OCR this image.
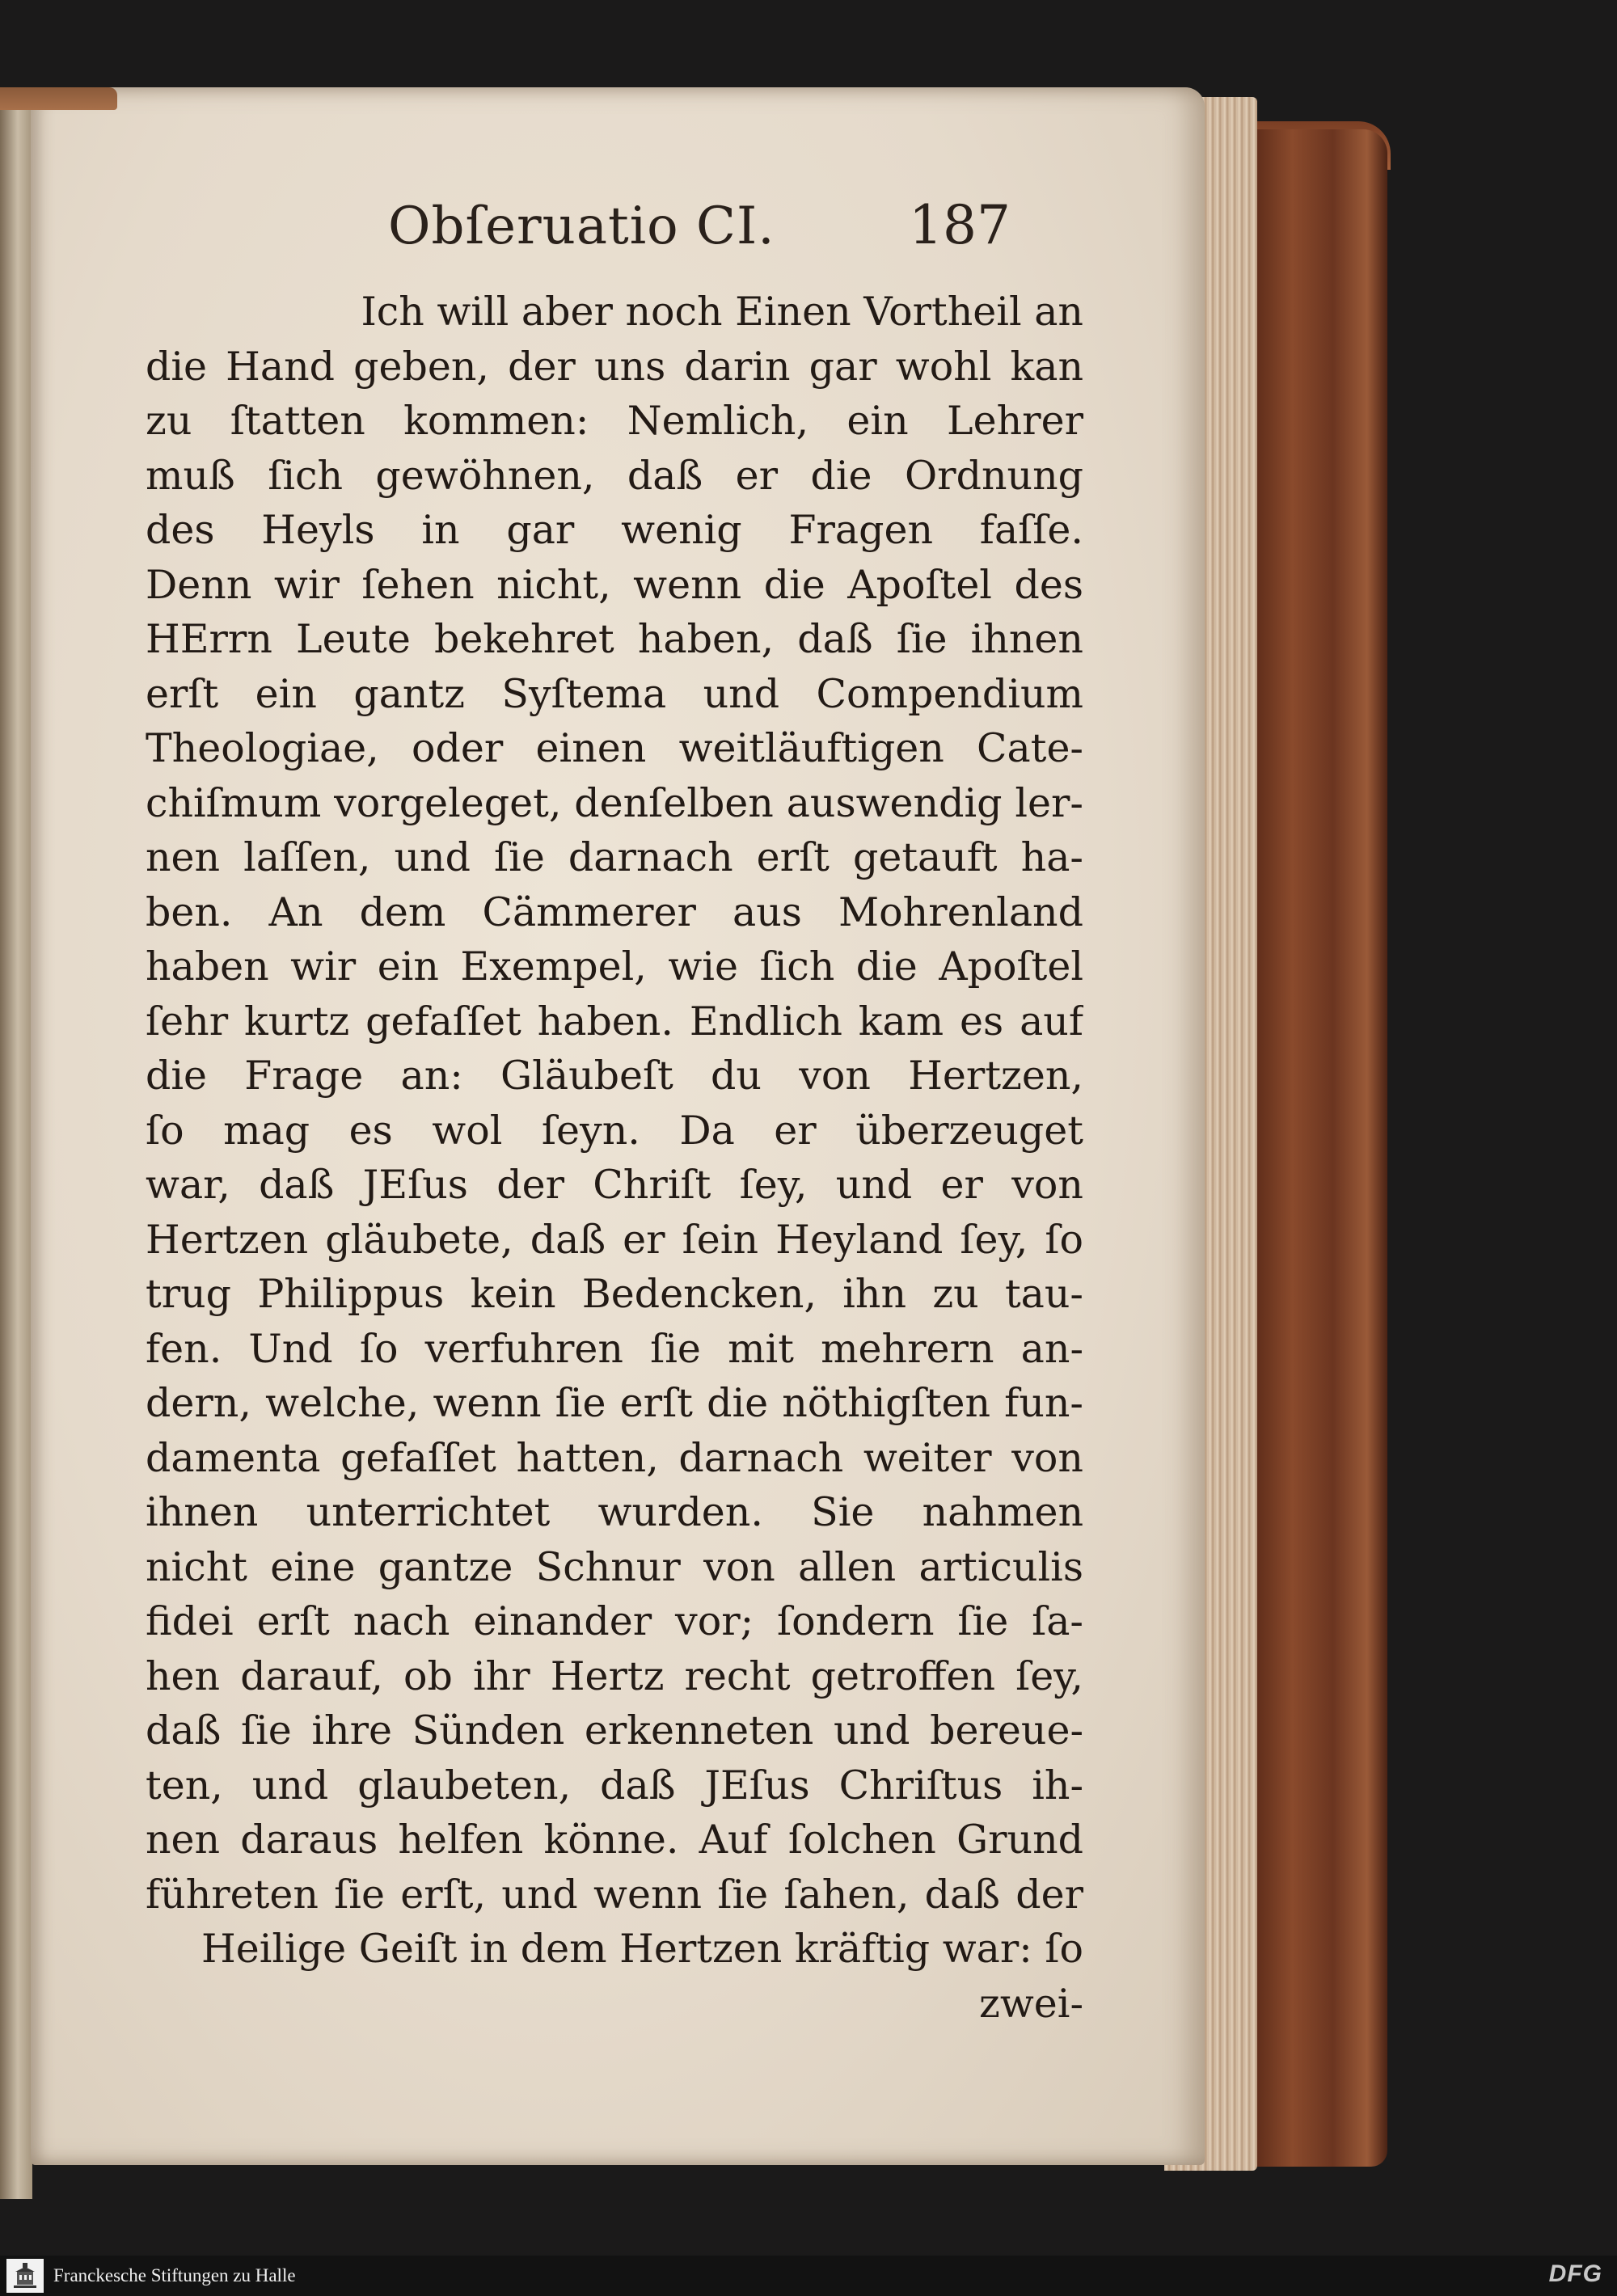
Obſeruatio CI.	187
Ich will aber noch Einen Vortheil an
die Hand geben, der uns darin gar wohl kan
zu ſtatten kommen: Nemlich, ein Lehrer
muß ſich gewöhnen, daß er die Ordnung
des Heyls in gar wenig Fragen faſſe.
Denn wir ſehen nicht, wenn die Apoſtel des
HErrn Leute bekehret haben, daß ſie ihnen
erſt ein gantz Syſtema und Compendium
Theologiae, oder einen weitläuftigen Cate-
chiſmum vorgeleget, denſelben auswendig ler-
nen laſſen, und ſie darnach erſt getauft ha-
ben. An dem Cämmerer aus Mohrenland
haben wir ein Exempel, wie ſich die Apoſtel
ſehr kurtz gefaſſet haben. Endlich kam es auf
die Frage an: Gläubeſt du von Hertzen,
ſo mag es wol ſeyn. Da er überzeuget
war, daß JEſus der Chriſt ſey, und er von
Hertzen gläubete, daß er ſein Heyland ſey, ſo
trug Philippus kein Bedencken, ihn zu tau-
fen. Und ſo verfuhren ſie mit mehrern an-
dern, welche, wenn ſie erſt die nöthigſten fun-
damenta gefaſſet hatten, darnach weiter von
ihnen unterrichtet wurden. Sie nahmen
nicht eine gantze Schnur von allen articulis
fidei erſt nach einander vor; ſondern ſie ſa-
hen darauf, ob ihr Hertz recht getroffen ſey,
daß ſie ihre Sünden erkenneten und bereue-
ten, und glaubeten, daß JEſus Chriſtus ih-
nen daraus helfen könne. Auf ſolchen Grund
führeten ſie erſt, und wenn ſie ſahen, daß der
Heilige Geiſt in dem Hertzen kräftig war: ſo
zwei-
Franckesche Stiftungen zu Halle	DFG
